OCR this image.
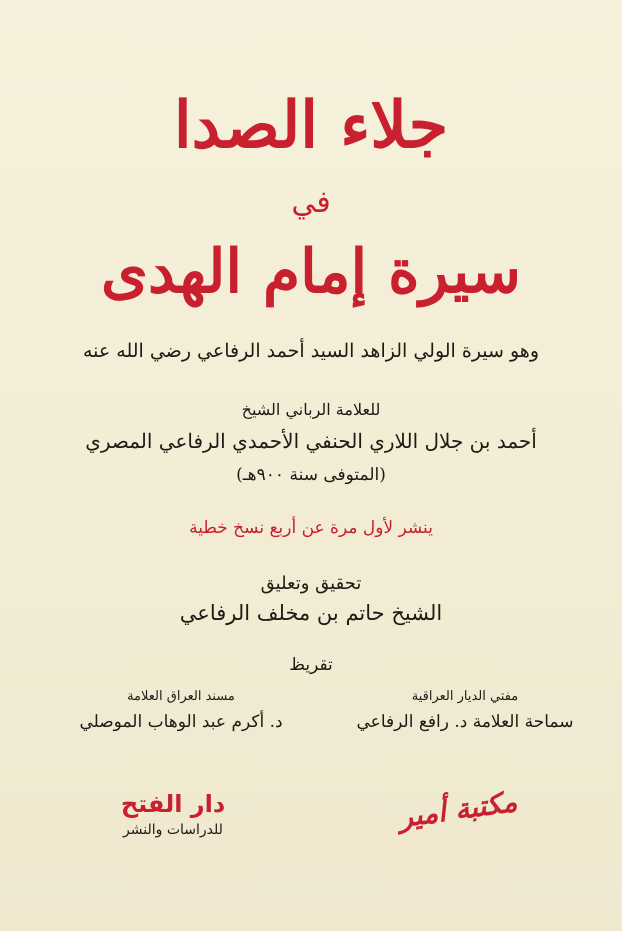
جلاء الصدا
في
سيرة إمام الهدى
وهو سيرة الولي الزاهد السيد أحمد الرفاعي رضي الله عنه
للعلامة الرباني الشيخ
أحمد بن جلال اللاري الحنفي الأحمدي الرفاعي المصري
(المتوفى سنة ٩٠٠هـ)
ينشر لأول مرة عن أربع نسخ خطية
تحقيق وتعليق
الشيخ حاتم بن مخلف الرفاعي
تقريظ
مفتي الديار العراقية
سماحة العلامة د. رافع الرفاعي
مسند العراق العلامة
د. أكرم عبد الوهاب الموصلي
مكتبة أمير
دار الفتح
للدراسات والنشر
